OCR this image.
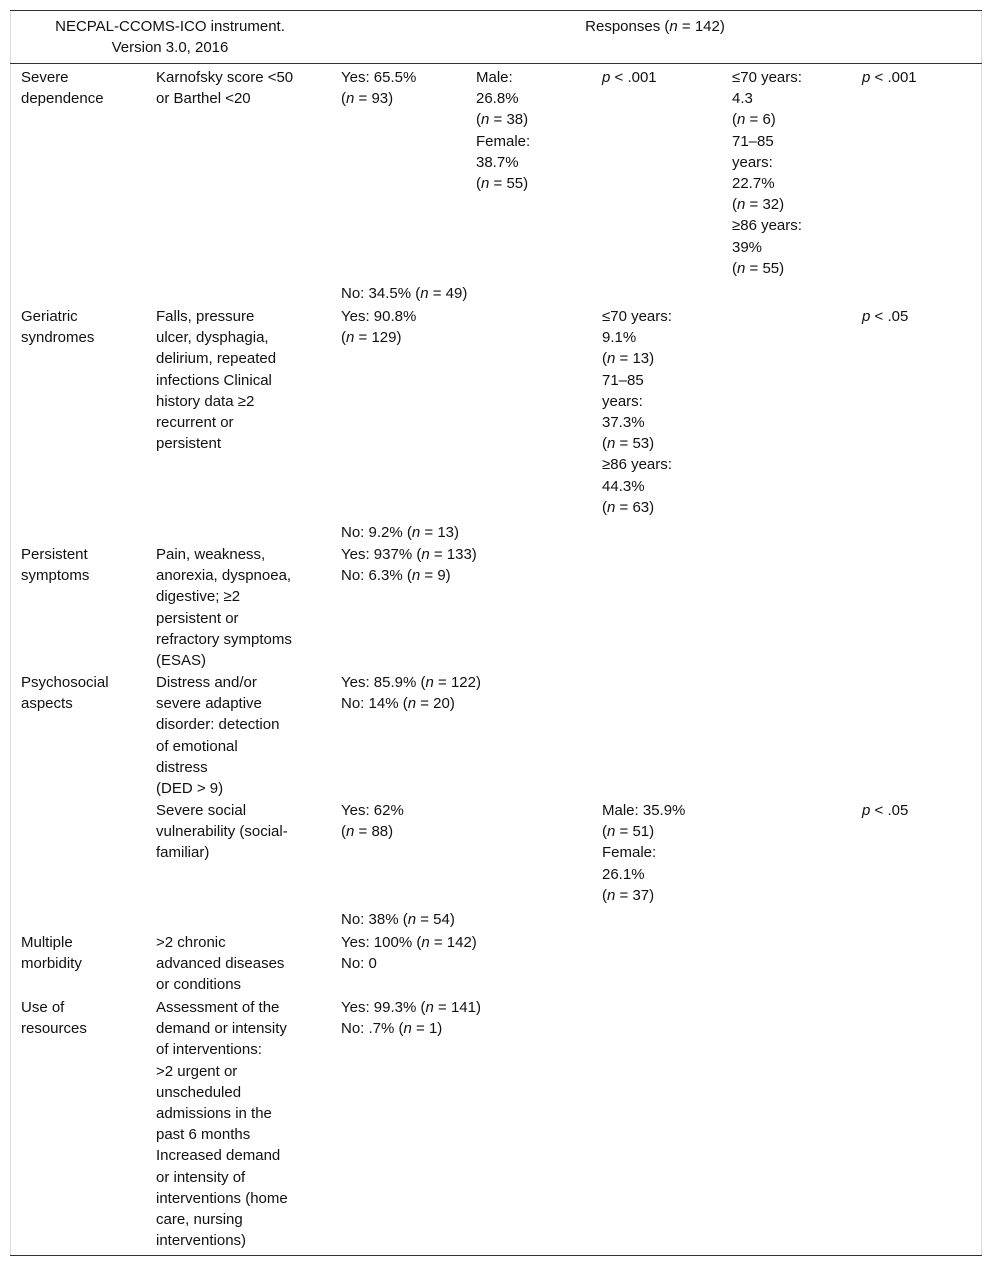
NECPAL-CCOMS-ICO instrument.
Version 3.0, 2016
Responses (n = 142)
Severe
dependence
Karnofsky score <50
or Barthel <20
Yes: 65.5%
(n = 93)
Male:
26.8%
(n = 38)
Female:
38.7%
(n = 55)
p < .001	≤70 years:
4.3
(n = 6)
71–85
years:
22.7%
(n = 32)
≥86 years:
39%
(n = 55)
p < .001
No: 34.5% (n = 49)
Geriatric
syndromes
Falls, pressure
ulcer, dysphagia,
delirium, repeated
infections Clinical
history data ≥2
recurrent or
persistent
Yes: 90.8%
(n = 129)
≤70 years:
9.1%
(n = 13)
71–85
years:
37.3%
(n = 53)
≥86 years:
44.3%
(n = 63)
p < .05
No: 9.2% (n = 13)
Persistent
symptoms
Pain, weakness,
anorexia, dyspnoea,
digestive; ≥2
persistent or
refractory symptoms
(ESAS)
Yes: 937% (n = 133)
No: 6.3% (n = 9)
Psychosocial
aspects
Distress and/or
severe adaptive
disorder: detection
of emotional
distress
(DED > 9)
Yes: 85.9% (n = 122)
No: 14% (n = 20)
Severe social
vulnerability (social-
familiar)
Yes: 62%
(n = 88)
Male: 35.9%
(n = 51)
Female:
26.1%
(n = 37)
p < .05
No: 38% (n = 54)
Multiple
morbidity
>2 chronic
advanced diseases
or conditions
Yes: 100% (n = 142)
No: 0
Use of
resources
Assessment of the
demand or intensity
of interventions:
>2 urgent or
unscheduled
admissions in the
past 6 months
Increased demand
or intensity of
interventions (home
care, nursing
interventions)
Yes: 99.3% (n = 141)
No: .7% (n = 1)
